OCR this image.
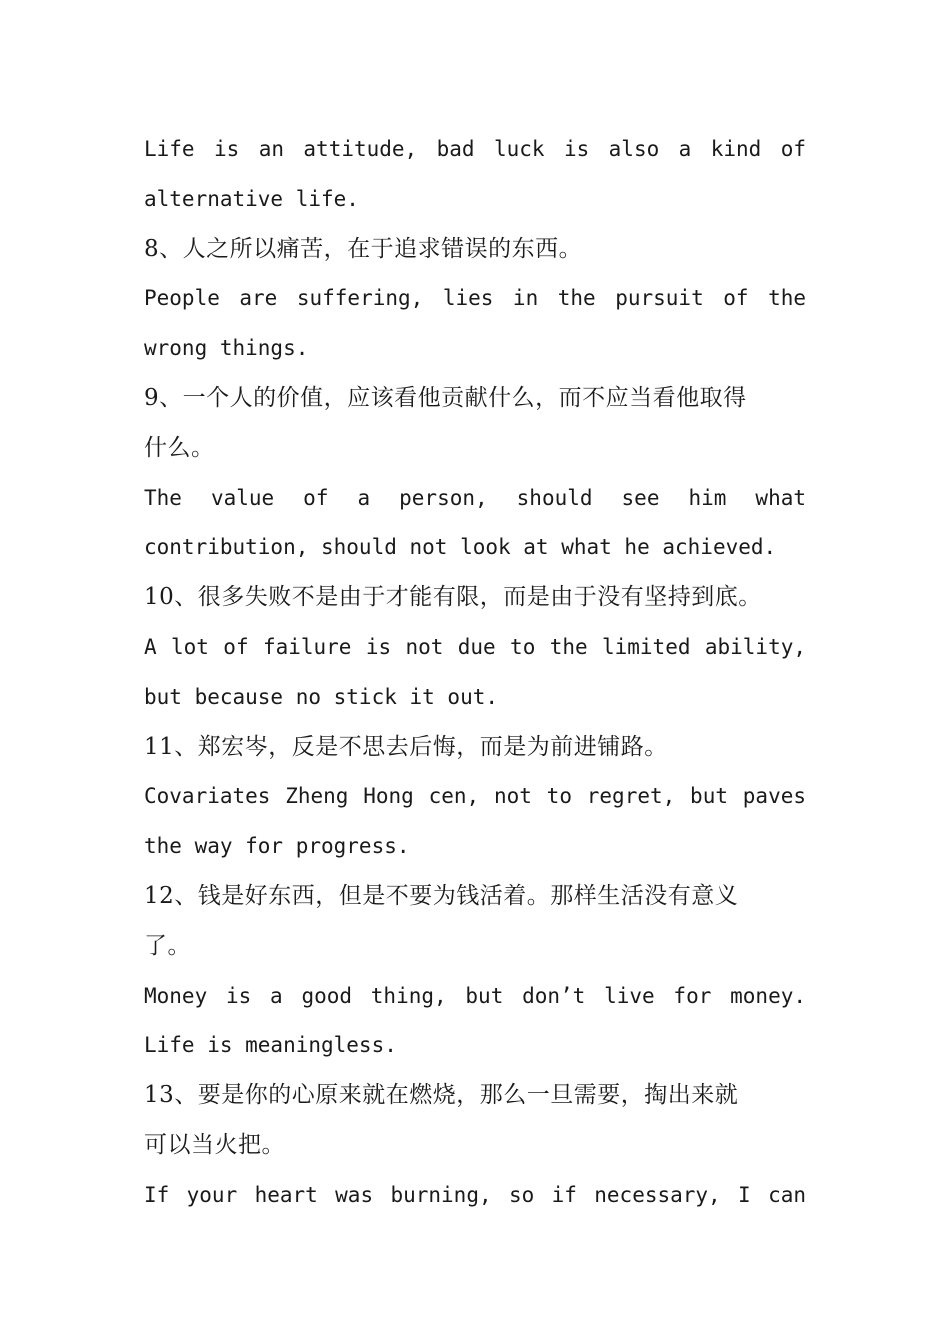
Life is an attitude, bad luck is also a kind of
alternative life.
8、人之所以痛苦，在于追求错误的东西。
People are suffering, lies in the pursuit of the
wrong things.
9、一个人的价值，应该看他贡献什么，而不应当看他取得
什么。
The value of a person, should see him what
contribution, should not look at what he achieved.
10、很多失败不是由于才能有限，而是由于没有坚持到底。
A lot of failure is not due to the limited ability,
but because no stick it out.
11、郑宏岑，反是不思去后悔，而是为前进铺路。
Covariates Zheng Hong cen, not to regret, but paves
the way for progress.
12、钱是好东西，但是不要为钱活着。那样生活没有意义
了。
Money is a good thing, but don’t live for money.
Life is meaningless.
13、要是你的心原来就在燃烧，那么一旦需要，掏出来就
可以当火把。
If your heart was burning, so if necessary, I can
